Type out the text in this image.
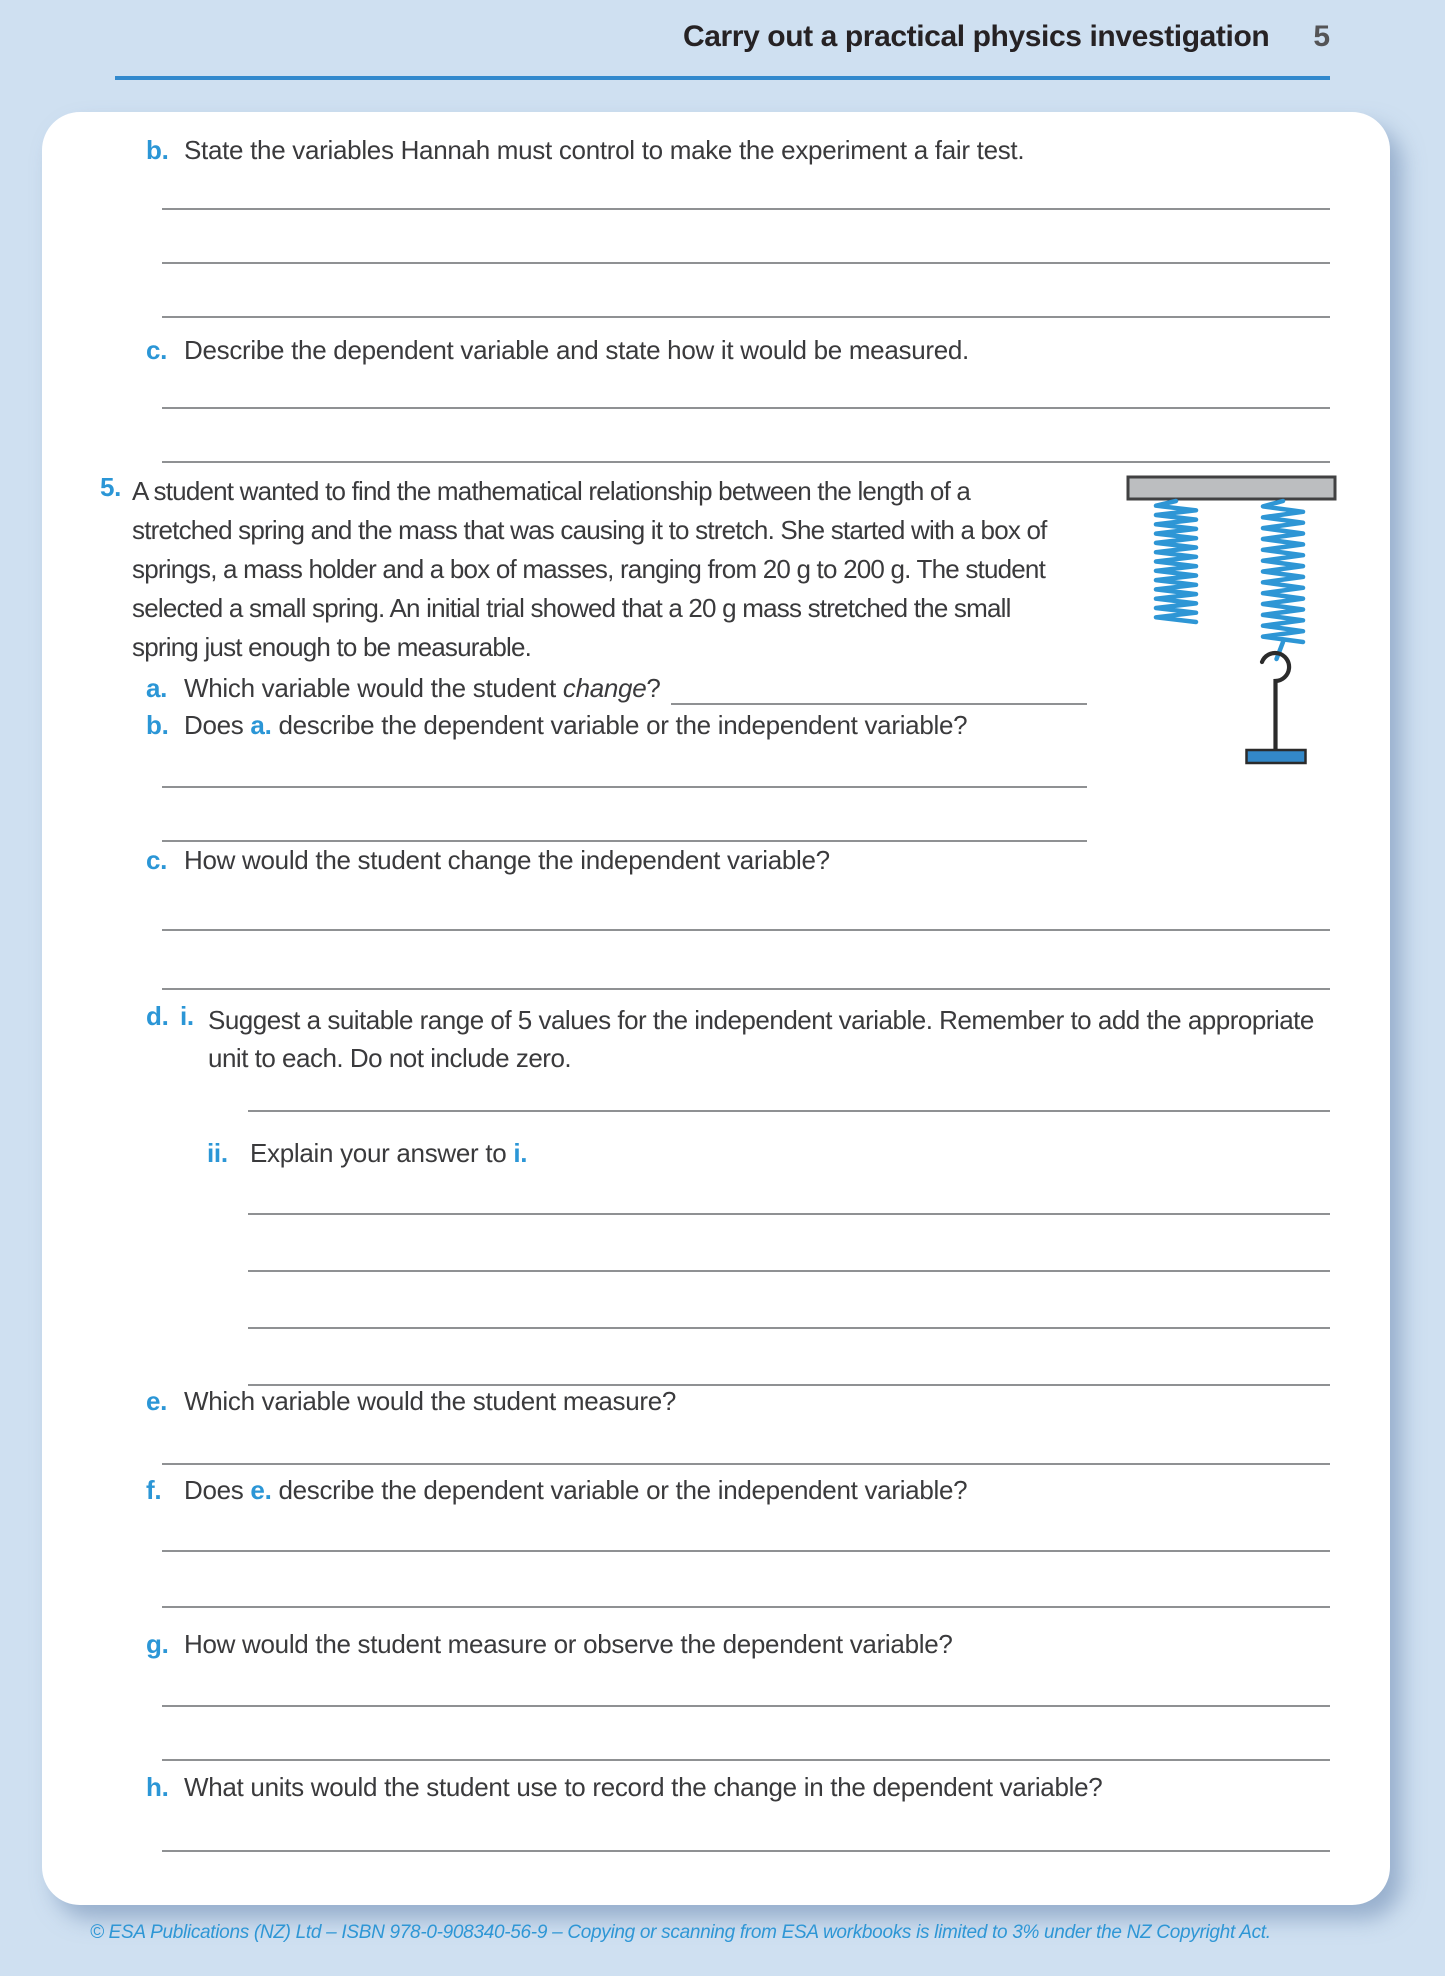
Carry out a practical physics investigation 5
b. State the variables Hannah must control to make the experiment a fair test.
c. Describe the dependent variable and state how it would be measured.
5. A student wanted to find the mathematical relationship between the length of a
stretched spring and the mass that was causing it to stretch. She started with a box of
springs, a mass holder and a box of masses, ranging from 20 g to 200 g. The student
selected a small spring. An initial trial showed that a 20 g mass stretched the small
spring just enough to be measurable.
a. Which variable would the student change?
b. Does a. describe the dependent variable or the independent variable?
c. How would the student change the independent variable?
d. i. Suggest a suitable range of 5 values for the independent variable. Remember to add the appropriate
unit to each. Do not include zero.
ii. Explain your answer to i.
e. Which variable would the student measure?
f. Does e. describe the dependent variable or the independent variable?
g. How would the student measure or observe the dependent variable?
h. What units would the student use to record the change in the dependent variable?
© ESA Publications (NZ) Ltd – ISBN 978-0-908340-56-9 – Copying or scanning from ESA workbooks is limited to 3% under the NZ Copyright Act.
